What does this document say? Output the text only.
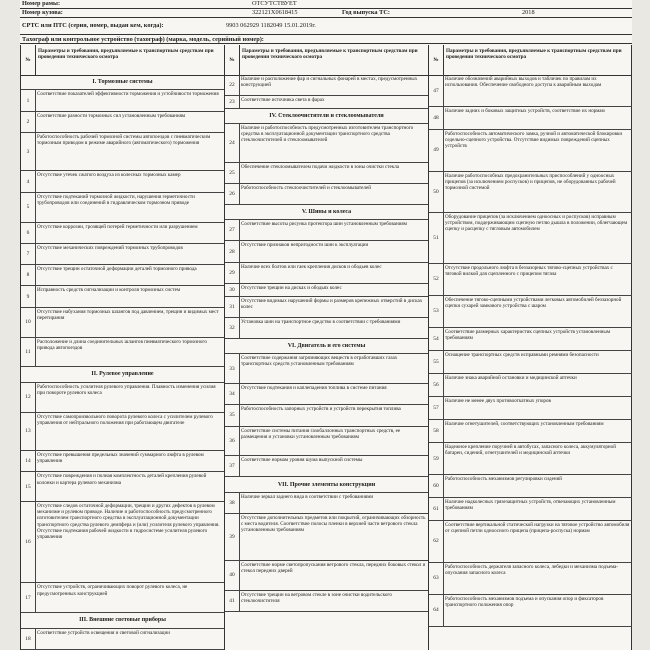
Номер рамы:	ОТСУТСТВУЕТ
Номер кузова:	322121Х0618415	Год выпуска ТС:	2018
СРТС или ПТС (серия, номер, выдан кем, когда):	9903 062929 1182049 15.01.2019г.
Тахограф или контрольное устройство (тахограф) (марка, модель, серийный номер):
№
Параметры и требования, предъявляемые к транспортным средствам при проведении технического осмотра
I. Тормозные системы
1
Соответствие показателей эффективности торможения и устойчивости торможения
2
Соответствие разности тормозных сил установленным требованиям
3
Работоспособность рабочей тормозной системы автопоездов с пневматическим тормозным приводом в режиме аварийного (автоматического) торможения
4
Отсутствие утечек сжатого воздуха из колесных тормозных камер
5
Отсутствие подтеканий тормозной жидкости, нарушения герметичности трубопроводов или соединений в гидравлическом тормозном приводе
6
Отсутствие коррозии, грозящей потерей герметичности или разрушением
7
Отсутствие механических повреждений тормозных трубопроводов
8
Отсутствие трещин остаточной деформации деталей тормозного привода
9
Исправность средств сигнализации и контроля тормозных систем
10
Отсутствие набухания тормозных шлангов под давлением, трещин и видимых мест перетирания
11
Расположение и длина соединительных шлангов пневматического тормозного привода автопоездов
II. Рулевое управление
12
Работоспособность усилителя рулевого управления. Плавность изменения усилия при повороте рулевого колеса
13
Отсутствие самопроизвольного поворота рулевого колеса с усилителем рулевого управления от нейтрального положения при работающем двигателе
14
Отсутствие превышения предельных значений суммарного люфта в рулевом управлении
15
Отсутствие повреждения и полная комплектность деталей крепления рулевой колонки и картера рулевого механизма
16
Отсутствие следов остаточной деформации, трещин и других дефектов в рулевом механизме и рулевом приводе. Наличие и работоспособность предусмотренного изготовителем транспортного средства в эксплуатационной документации транспортного средства рулевого демпфера и (или) усилителя рулевого управления. Отсутствие подтекания рабочей жидкости в гидросистеме усилителя рулевого управления
17
Отсутствие устройств, ограничивающих поворот рулевого колеса, не предусмотренных конструкцией
III. Внешние световые приборы
18
Соответствие устройств освещения и световой сигнализации
№
Параметры и требования, предъявляемые к транспортным средствам при проведении технического осмотра
22
Наличие и расположение фар и сигнальных фонарей в местах, предусмотренных конструкцией
23	Соответствие источника света в фарах
IV. Стеклоочистители и стеклоомыватели
24
Наличие и работоспособность предусмотренных изготовителем транспортного средства в эксплуатационной документации транспортного средства стеклоочистителей и стеклоомывателей
25
Обеспечение стеклоомывателем подачи жидкости в зоны очистки стекла
26
Работоспособность стеклоочистителей и стеклоомывателей
V. Шины и колеса
27
Соответствие высоты рисунка протектора шин установленным требованиям
28
Отсутствие признаков непригодности шин к эксплуатации
29
Наличие всех болтов или гаек крепления дисков и ободьев колес
30	Отсутствие трещин на дисках и ободьях колес
31
Отсутствие видимых нарушений формы и размеров крепежных отверстий в дисках колес
32
Установка шин на транспортное средство в соответствии с требованиями
VI. Двигатель и его системы
33
Соответствие содержания загрязняющих веществ в отработавших газах транспортных средств установленным требованиям
34
Отсутствие подтекания и каплепадения топлива в системе питания
35
Работоспособность запорных устройств и устройств перекрытия топлива
36
Соответствие системы питания газобаллонных транспортных средств, ее размещения и установки установленным требованиям
37
Соответствие нормам уровня шума выпускной системы
VII. Прочие элементы конструкции
38
Наличие зеркал заднего вида в соответствии с требованиями
39
Отсутствие дополнительных предметов или покрытий, ограничивающих обзорность с места водителя. Соответствие полосы пленки в верхней части ветрового стекла установленным требованиям
40
Соответствие норме светопропускания ветрового стекла, передних боковых стекол и стекол передних дверей
41
Отсутствие трещин на ветровом стекле в зоне очистки водительского стеклоочистителя
№
Параметры и требования, предъявляемые к транспортным средствам при проведении технического осмотра
47
Наличие обозначений аварийных выходов и табличек по правилам их использования. Обеспечение свободного доступа к аварийным выходам
48
Наличие задних и боковых защитных устройств, соответствие их нормам
49
Работоспособность автоматического замка, ручной и автоматической блокировки седельно-сцепного устройства. Отсутствие видимых повреждений сцепных устройств
50
Наличие работоспособных предохранительных приспособлений у одноосных прицепов (за исключением роспусков) и прицепов, не оборудованных рабочей тормозной системой
51
Оборудование прицепов (за исключением одноосных и роспусков) исправным устройством, поддерживающим сцепную петлю дышла в положении, облегчающем сцепку и расцепку с тягловым автомобилем
52
Отсутствие продольного люфта в беззазорных тягово-сцепных устройствах с тяговой вилкой для сцепленного с прицепом тягача
53
Обеспечение тягово-сцепными устройствами легковых автомобилей беззазорной сцепки сухарей замкового устройства с шаром
54
Соответствие размерных характеристик сцепных устройств установленным требованиям
55
Оснащение транспортных средств исправными ремнями безопасности
56
Наличие знака аварийной остановки и медицинской аптечки
57
Наличие не менее двух противооткатных упоров
58
Наличие огнетушителей, соответствующих установленным требованиям
59
Надежное крепление поручней в автобусах, запасного колеса, аккумуляторной батареи, сидений, огнетушителей и медицинской аптечки
60
Работоспособность механизмов регулировки сидений
61
Наличие надколесных грязезащитных устройств, отвечающих установленным требованиям
62
Соответствие вертикальной статической нагрузки на тяговое устройство автомобиля от сцепной петли одноосного прицепа (прицепа-роспуска) нормам
63
Работоспособность держателя запасного колеса, лебедки и механизма подъема-опускания запасного колеса
64
Работоспособность механизмов подъема и опускания опор и фиксаторов транспортного положения опор
